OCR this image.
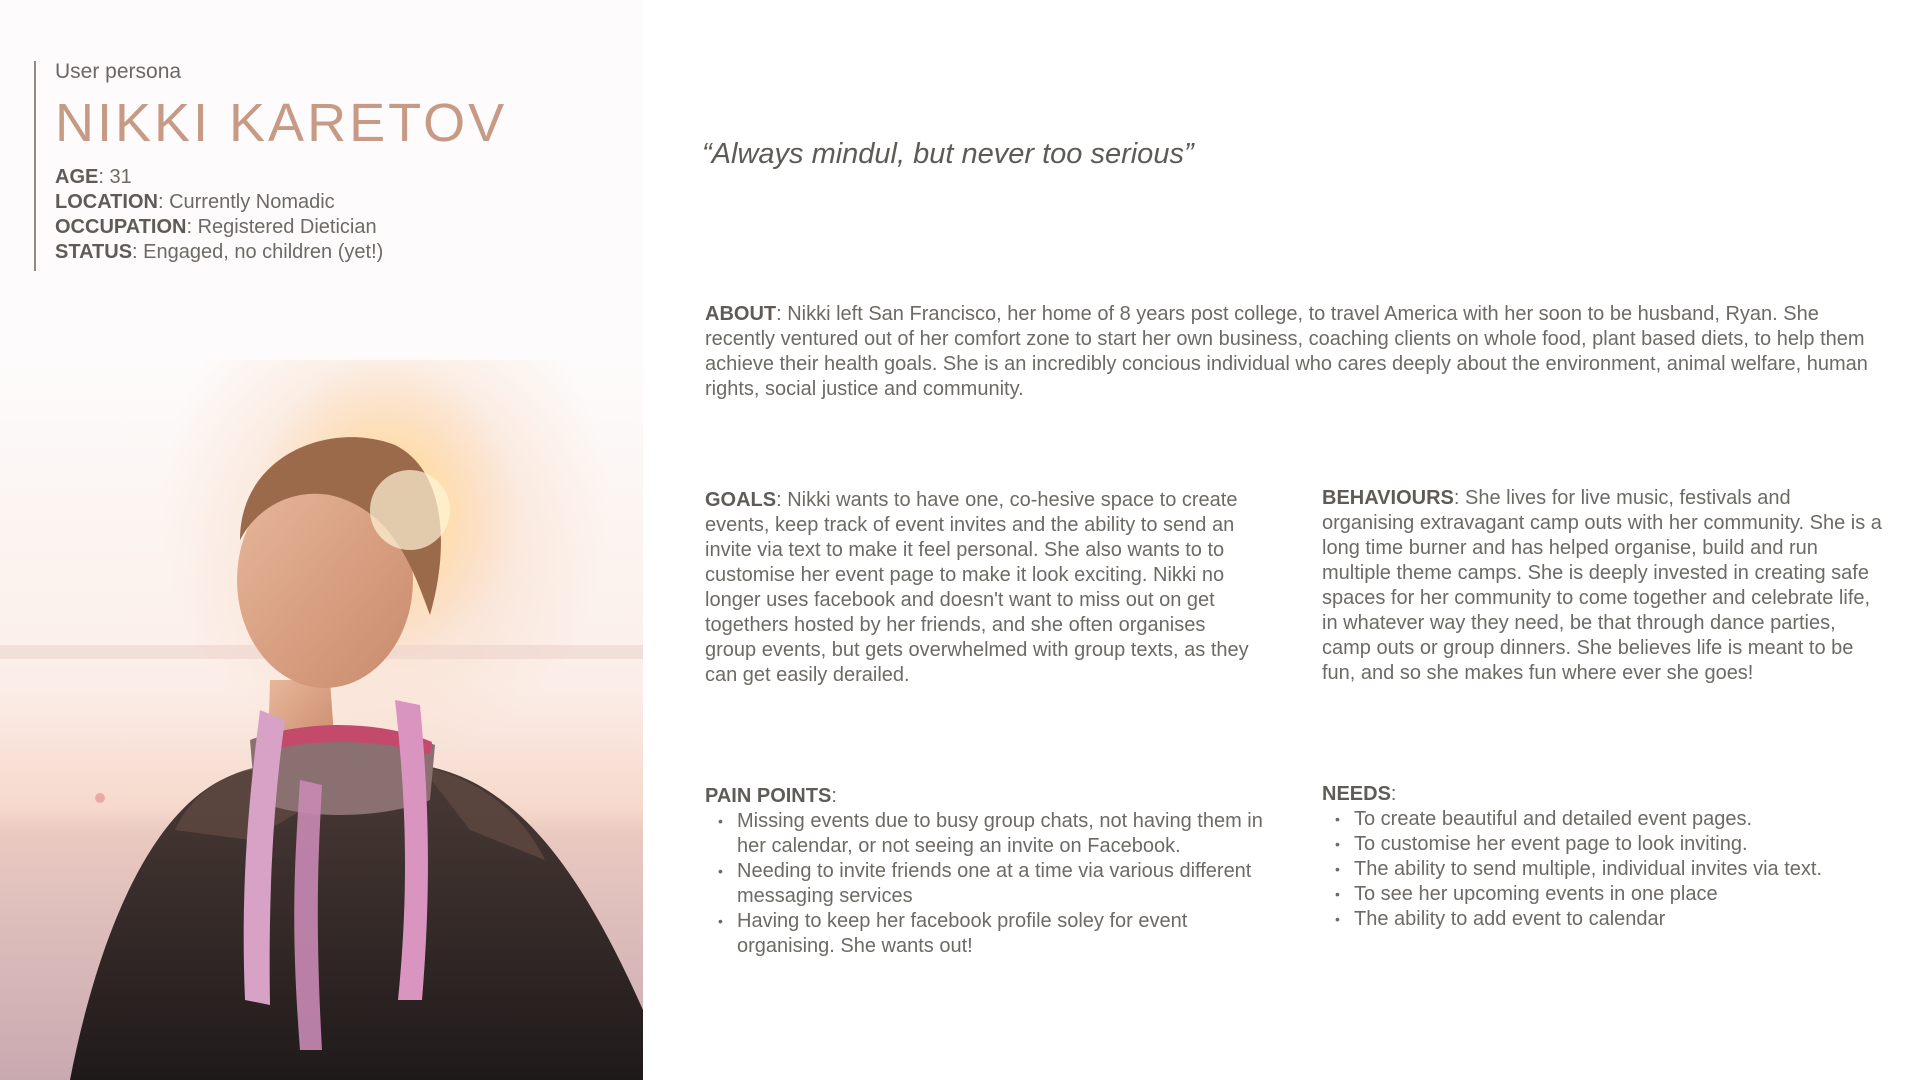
User persona
NIKKI KARETOV
AGE: 31
LOCATION: Currently Nomadic
OCCUPATION: Registered Dietician
STATUS: Engaged, no children (yet!)
“Always mindul, but never too serious”
ABOUT: Nikki left San Francisco, her home of 8 years post college, to travel America with her soon to be husband, Ryan. She recently ventured out of her comfort zone to start her own business, coaching clients on whole food, plant based diets, to help them achieve their health goals. She is an incredibly concious individual who cares deeply about the environment, animal welfare, human rights, social justice and community.
GOALS: Nikki wants to have one, co-hesive space to create events, keep track of event invites and the ability to send an invite via text to make it feel personal. She also wants to to customise her event page to make it look exciting. Nikki no longer uses facebook and doesn't want to miss out on get togethers hosted by her friends, and she often organises group events, but gets overwhelmed with group texts, as they can get easily derailed.
BEHAVIOURS: She lives for live music, festivals and organising extravagant camp outs with her community. She is a long time burner and has helped organise, build and run multiple theme camps. She is deeply invested in creating safe spaces for her community to come together and celebrate life, in whatever way they need, be that through dance parties, camp outs or group dinners. She believes life is meant to be fun, and so she makes fun where ever she goes!
PAIN POINTS:
• Missing events due to busy group chats, not having them in her calendar, or not seeing an invite on Facebook.
• Needing to invite friends one at a time via various different messaging services
• Having to keep her facebook profile soley for event organising. She wants out!
NEEDS:
• To create beautiful and detailed event pages.
• To customise her event page to look inviting.
• The ability to send multiple, individual invites via text.
• To see her upcoming events in one place
• The ability to add event to calendar
